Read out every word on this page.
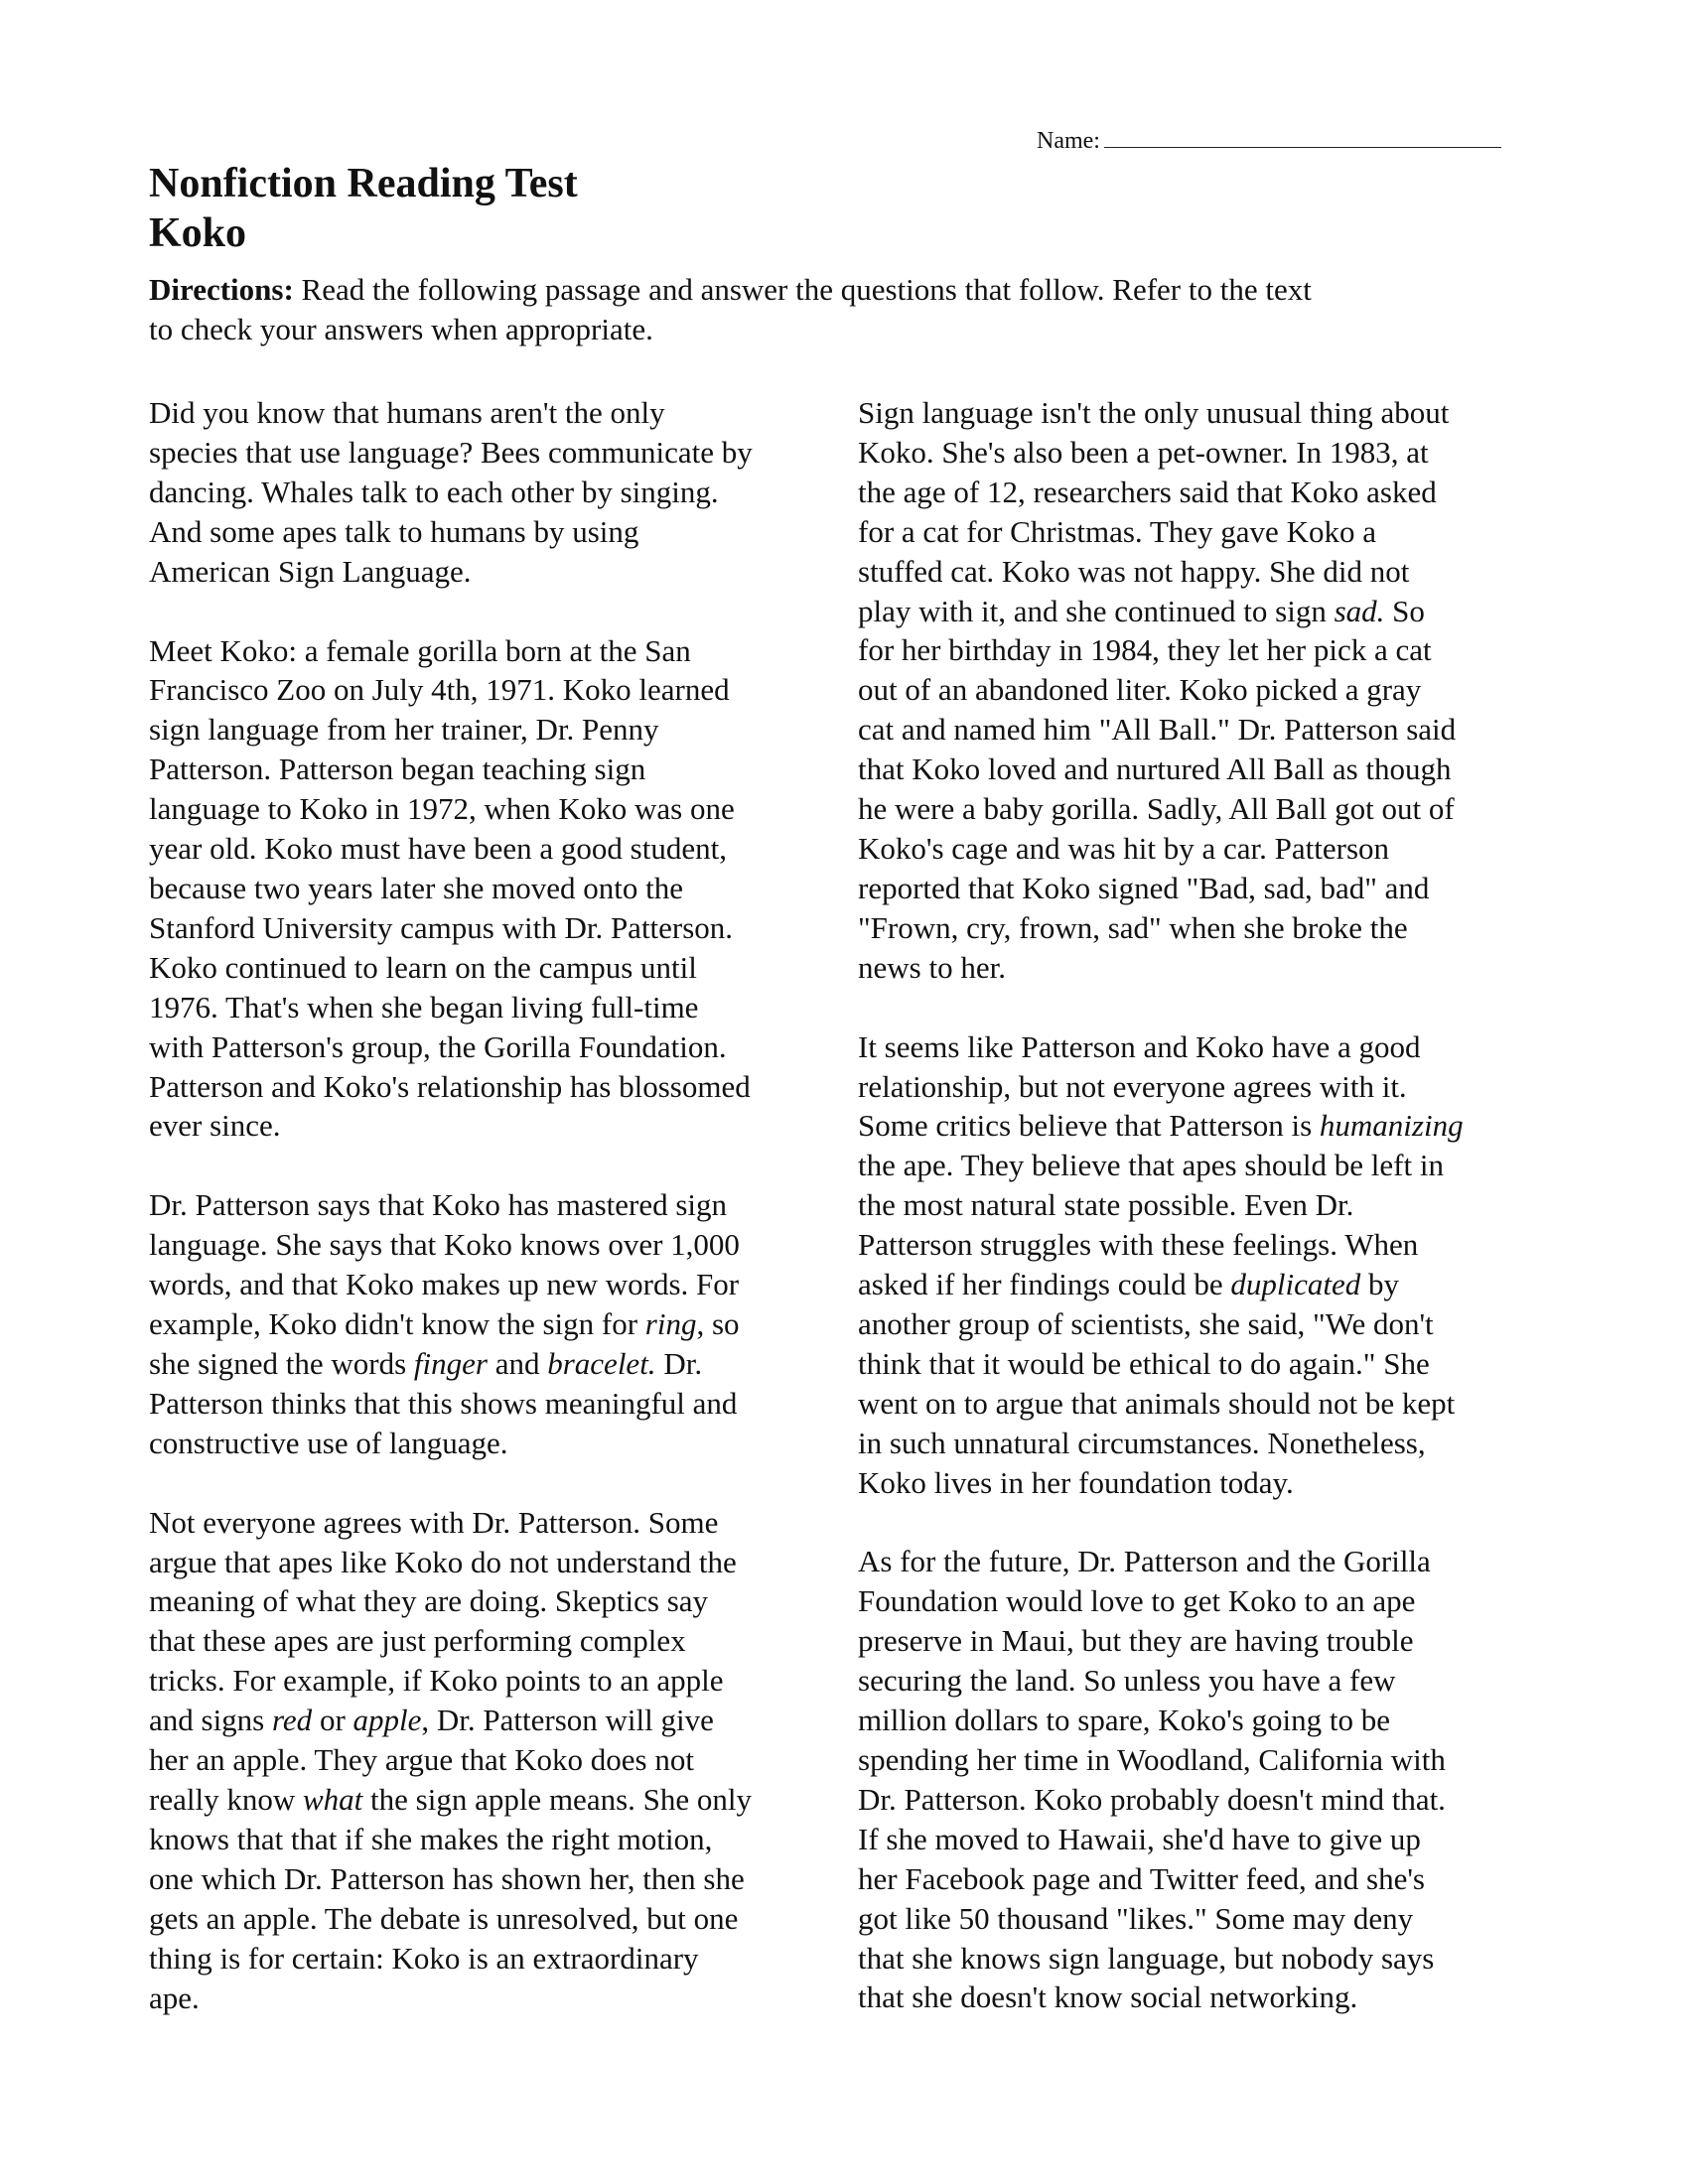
Name:
Nonfiction Reading Test
Koko
Directions: Read the following passage and answer the questions that follow. Refer to the text
to check your answers when appropriate.

Did you know that humans aren't the only
species that use language? Bees communicate by
dancing. Whales talk to each other by singing.
And some apes talk to humans by using
American Sign Language.

Meet Koko: a female gorilla born at the San
Francisco Zoo on July 4th, 1971. Koko learned
sign language from her trainer, Dr. Penny
Patterson. Patterson began teaching sign
language to Koko in 1972, when Koko was one
year old. Koko must have been a good student,
because two years later she moved onto the
Stanford University campus with Dr. Patterson.
Koko continued to learn on the campus until
1976. That's when she began living full-time
with Patterson's group, the Gorilla Foundation.
Patterson and Koko's relationship has blossomed
ever since.

Dr. Patterson says that Koko has mastered sign
language. She says that Koko knows over 1,000
words, and that Koko makes up new words. For
example, Koko didn't know the sign for ring, so
she signed the words finger and bracelet. Dr.
Patterson thinks that this shows meaningful and
constructive use of language.

Not everyone agrees with Dr. Patterson. Some
argue that apes like Koko do not understand the
meaning of what they are doing. Skeptics say
that these apes are just performing complex
tricks. For example, if Koko points to an apple
and signs red or apple, Dr. Patterson will give
her an apple. They argue that Koko does not
really know what the sign apple means. She only
knows that that if she makes the right motion,
one which Dr. Patterson has shown her, then she
gets an apple. The debate is unresolved, but one
thing is for certain: Koko is an extraordinary
ape.

Sign language isn't the only unusual thing about
Koko. She's also been a pet-owner. In 1983, at
the age of 12, researchers said that Koko asked
for a cat for Christmas. They gave Koko a
stuffed cat. Koko was not happy. She did not
play with it, and she continued to sign sad. So
for her birthday in 1984, they let her pick a cat
out of an abandoned liter. Koko picked a gray
cat and named him "All Ball." Dr. Patterson said
that Koko loved and nurtured All Ball as though
he were a baby gorilla. Sadly, All Ball got out of
Koko's cage and was hit by a car. Patterson
reported that Koko signed "Bad, sad, bad" and
"Frown, cry, frown, sad" when she broke the
news to her.

It seems like Patterson and Koko have a good
relationship, but not everyone agrees with it.
Some critics believe that Patterson is humanizing
the ape. They believe that apes should be left in
the most natural state possible. Even Dr.
Patterson struggles with these feelings. When
asked if her findings could be duplicated by
another group of scientists, she said, "We don't
think that it would be ethical to do again." She
went on to argue that animals should not be kept
in such unnatural circumstances. Nonetheless,
Koko lives in her foundation today.

As for the future, Dr. Patterson and the Gorilla
Foundation would love to get Koko to an ape
preserve in Maui, but they are having trouble
securing the land. So unless you have a few
million dollars to spare, Koko's going to be
spending her time in Woodland, California with
Dr. Patterson. Koko probably doesn't mind that.
If she moved to Hawaii, she'd have to give up
her Facebook page and Twitter feed, and she's
got like 50 thousand "likes." Some may deny
that she knows sign language, but nobody says
that she doesn't know social networking.
